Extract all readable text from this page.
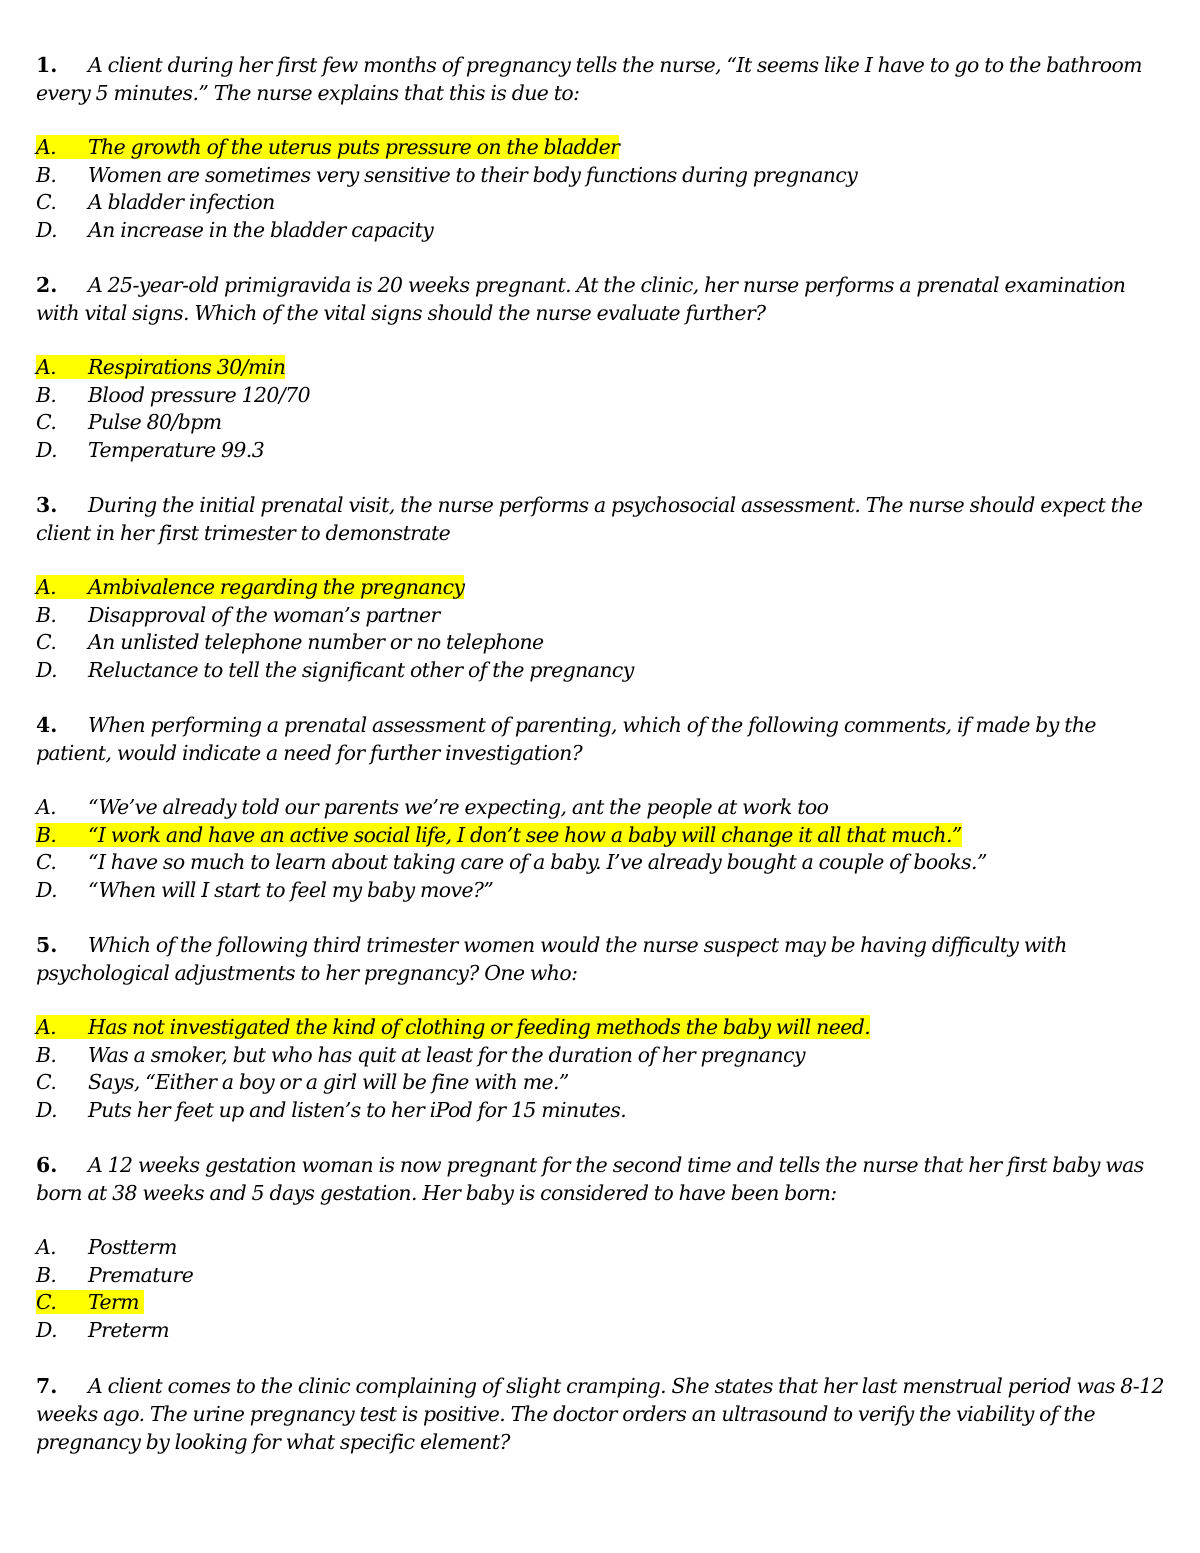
1. A client during her first few months of pregnancy tells the nurse, “It seems like I have to go to the bathroom every 5 minutes.” The nurse explains that this is due to:

A. The growth of the uterus puts pressure on the bladder
B. Women are sometimes very sensitive to their body functions during pregnancy
C. A bladder infection
D. An increase in the bladder capacity

2. A 25-year-old primigravida is 20 weeks pregnant. At the clinic, her nurse performs a prenatal examination with vital signs. Which of the vital signs should the nurse evaluate further?

A. Respirations 30/min
B. Blood pressure 120/70
C. Pulse 80/bpm
D. Temperature 99.3

3. During the initial prenatal visit, the nurse performs a psychosocial assessment. The nurse should expect the client in her first trimester to demonstrate

A. Ambivalence regarding the pregnancy
B. Disapproval of the woman’s partner
C. An unlisted telephone number or no telephone
D. Reluctance to tell the significant other of the pregnancy

4. When performing a prenatal assessment of parenting, which of the following comments, if made by the patient, would indicate a need for further investigation?

A. “We’ve already told our parents we’re expecting, ant the people at work too
B. “I work and have an active social life, I don’t see how a baby will change it all that much.”
C. “I have so much to learn about taking care of a baby. I’ve already bought a couple of books.”
D. “When will I start to feel my baby move?”

5. Which of the following third trimester women would the nurse suspect may be having difficulty with psychological adjustments to her pregnancy? One who:

A. Has not investigated the kind of clothing or feeding methods the baby will need.
B. Was a smoker, but who has quit at least for the duration of her pregnancy
C. Says, “Either a boy or a girl will be fine with me.”
D. Puts her feet up and listen’s to her iPod for 15 minutes.

6. A 12 weeks gestation woman is now pregnant for the second time and tells the nurse that her first baby was born at 38 weeks and 5 days gestation. Her baby is considered to have been born:

A. Postterm
B. Premature
C. Term
D. Preterm

7. A client comes to the clinic complaining of slight cramping. She states that her last menstrual period was 8-12 weeks ago. The urine pregnancy test is positive. The doctor orders an ultrasound to verify the viability of the pregnancy by looking for what specific element?
